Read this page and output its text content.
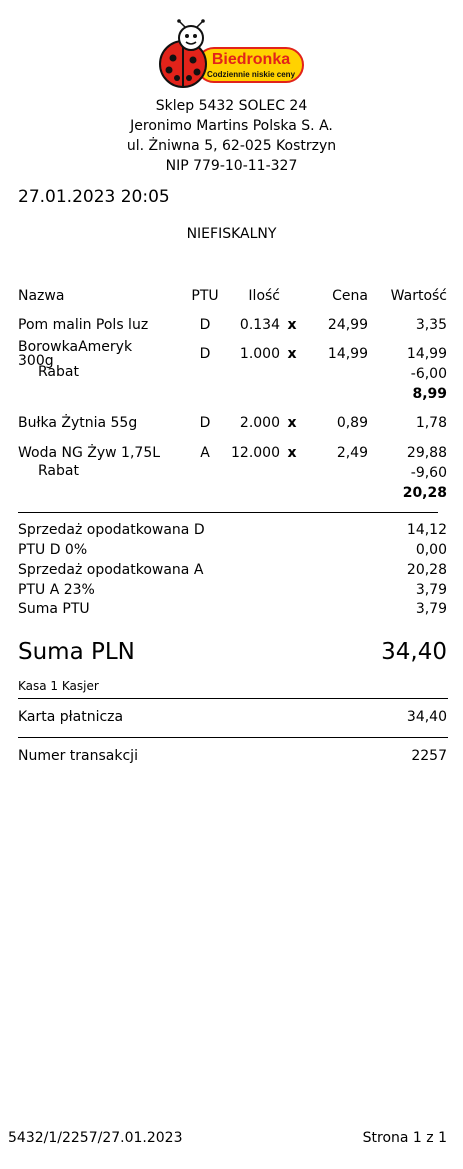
Biedronka
Codziennie niskie ceny
Sklep 5432 SOLEC 24
Jeronimo Martins Polska S. A.
ul. Żniwna 5, 62-025 Kostrzyn
NIP 779-10-11-327
27.01.2023 20:05
NIEFISKALNY
Nazwa	PTU	Ilość	Cena	Wartość
Pom malin Pols luz	D	0.134 x	24,99	3,35
BorowkaAmeryk 300g	D	1.000 x	14,99	14,99
Rabat	-6,00
8,99
Bułka Żytnia 55g	D	2.000 x	0,89	1,78
Woda NG Żyw 1,75L	A	12.000 x	2,49	29,88
Rabat	-9,60
20,28
Sprzedaż opodatkowana D	14,12
PTU D 0%	0,00
Sprzedaż opodatkowana A	20,28
PTU A 23%	3,79
Suma PTU	3,79
Suma PLN	34,40
Kasa 1 Kasjer
Karta płatnicza	34,40
Numer transakcji	2257
5432/1/2257/27.01.2023	Strona 1 z 1
